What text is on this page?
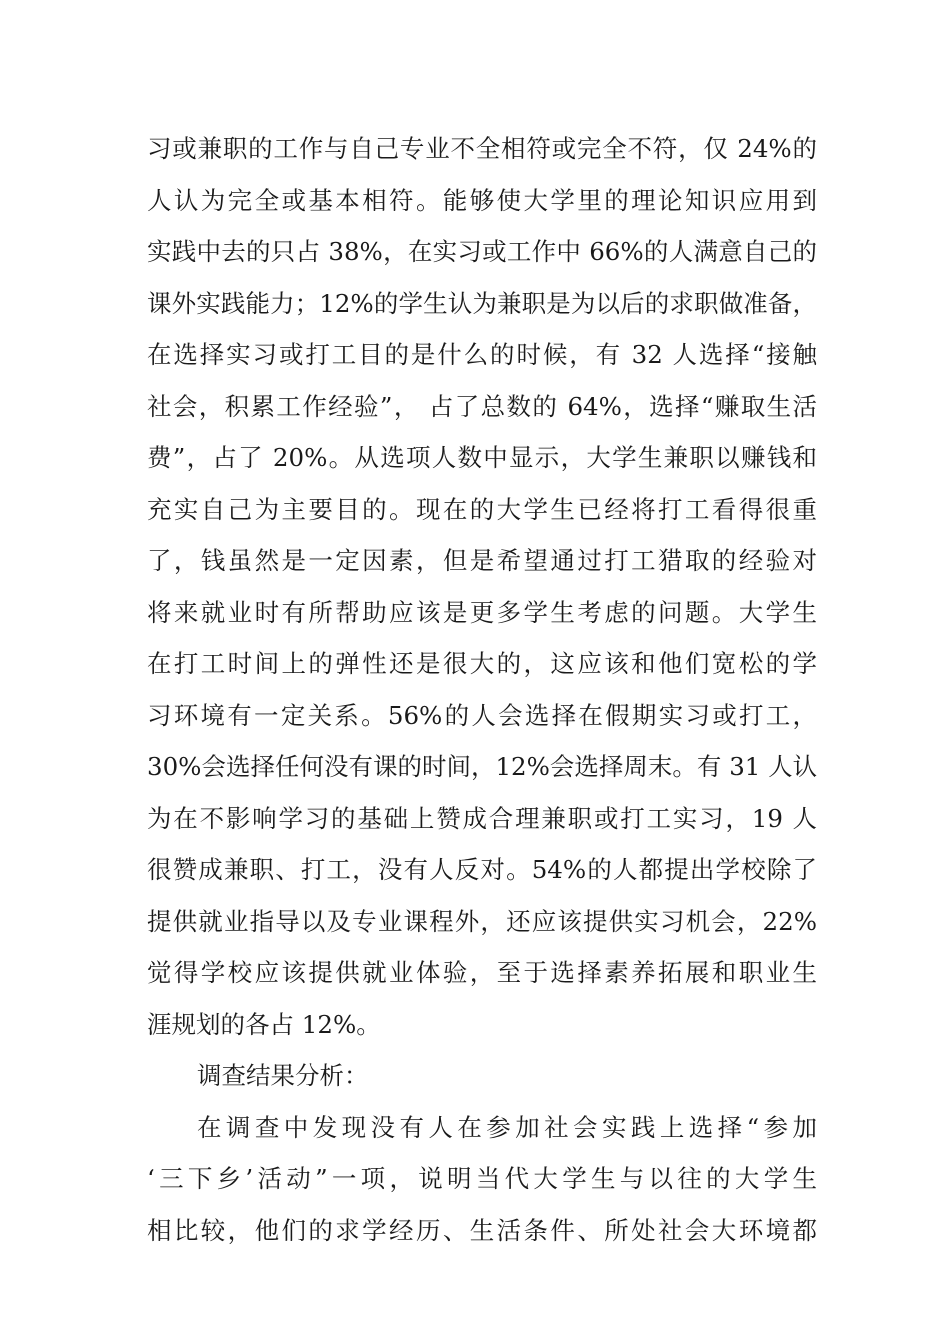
习或兼职的工作与自己专业不全相符或完全不符，仅 24%的
人认为完全或基本相符。能够使大学里的理论知识应用到
实践中去的只占 38%，在实习或工作中 66%的人满意自己的
课外实践能力；12%的学生认为兼职是为以后的求职做准备，
在选择实习或打工目的是什么的时候，有 32 人选择“接触
社会，积累工作经验”， 占了总数的 64%，选择“赚取生活
费”，占了 20%。从选项人数中显示，大学生兼职以赚钱和
充实自己为主要目的。现在的大学生已经将打工看得很重
了，钱虽然是一定因素，但是希望通过打工猎取的经验对
将来就业时有所帮助应该是更多学生考虑的问题。大学生
在打工时间上的弹性还是很大的，这应该和他们宽松的学
习环境有一定关系。56%的人会选择在假期实习或打工，
30%会选择任何没有课的时间，12%会选择周末。有 31 人认
为在不影响学习的基础上赞成合理兼职或打工实习，19 人
很赞成兼职、打工，没有人反对。54%的人都提出学校除了
提供就业指导以及专业课程外，还应该提供实习机会，22%
觉得学校应该提供就业体验，至于选择素养拓展和职业生
涯规划的各占 12%。
调查结果分析：
在调查中发现没有人在参加社会实践上选择“参加
‘三下乡’活动”一项，说明当代大学生与以往的大学生
相比较，他们的求学经历、生活条件、所处社会大环境都
